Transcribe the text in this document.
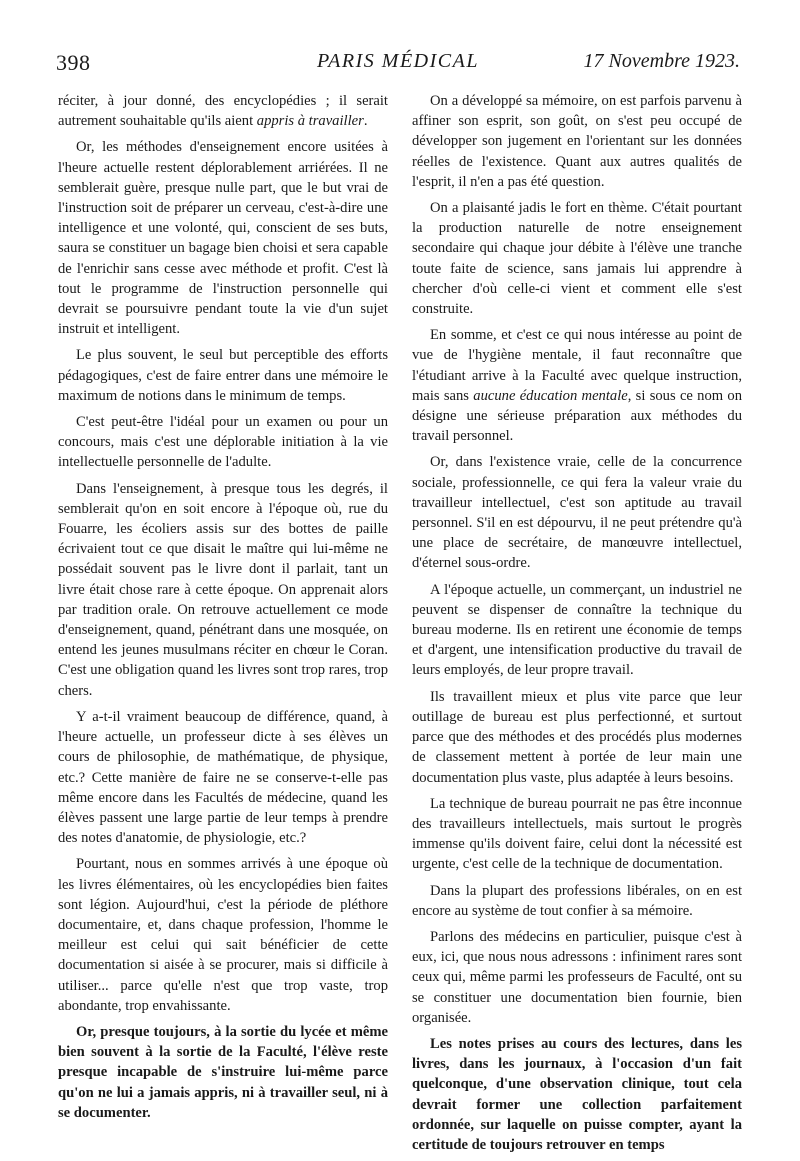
398	PARIS MÉDICAL	17 Novembre 1923.

réciter, à jour donné, des encyclopédies ; il serait autrement souhaitable qu'ils aient appris à travailler.

Or, les méthodes d'enseignement encore usitées à l'heure actuelle restent déplorablement arriérées. Il ne semblerait guère, presque nulle part, que le but vrai de l'instruction soit de préparer un cerveau, c'est-à-dire une intelligence et une volonté, qui, conscient de ses buts, saura se constituer un bagage bien choisi et sera capable de l'enrichir sans cesse avec méthode et profit. C'est là tout le programme de l'instruction personnelle qui devrait se poursuivre pendant toute la vie d'un sujet instruit et intelligent.

Le plus souvent, le seul but perceptible des efforts pédagogiques, c'est de faire entrer dans une mémoire le maximum de notions dans le minimum de temps.

C'est peut-être l'idéal pour un examen ou pour un concours, mais c'est une déplorable initiation à la vie intellectuelle personnelle de l'adulte.

Dans l'enseignement, à presque tous les degrés, il semblerait qu'on en soit encore à l'époque où, rue du Fouarre, les écoliers assis sur des bottes de paille écrivaient tout ce que disait le maître qui lui-même ne possédait souvent pas le livre dont il parlait, tant un livre était chose rare à cette époque. On apprenait alors par tradition orale. On retrouve actuellement ce mode d'enseignement, quand, pénétrant dans une mosquée, on entend les jeunes musulmans réciter en chœur le Coran. C'est une obligation quand les livres sont trop rares, trop chers.

Y a-t-il vraiment beaucoup de différence, quand, à l'heure actuelle, un professeur dicte à ses élèves un cours de philosophie, de mathématique, de physique, etc.? Cette manière de faire ne se conserve-t-elle pas même encore dans les Facultés de médecine, quand les élèves passent une large partie de leur temps à prendre des notes d'anatomie, de physiologie, etc.?

Pourtant, nous en sommes arrivés à une époque où les livres élémentaires, où les encyclopédies bien faites sont légion. Aujourd'hui, c'est la période de pléthore documentaire, et, dans chaque profession, l'homme le meilleur est celui qui sait bénéficier de cette documentation si aisée à se procurer, mais si difficile à utiliser... parce qu'elle n'est que trop vaste, trop abondante, trop envahissante.

Or, presque toujours, à la sortie du lycée et même bien souvent à la sortie de la Faculté, l'élève reste presque incapable de s'instruire lui-même parce qu'on ne lui a jamais appris, ni à travailler seul, ni à se documenter.

On a développé sa mémoire, on est parfois parvenu à affiner son esprit, son goût, on s'est peu occupé de développer son jugement en l'orientant sur les données réelles de l'existence. Quant aux autres qualités de l'esprit, il n'en a pas été question.

On a plaisanté jadis le fort en thème. C'était pourtant la production naturelle de notre enseignement secondaire qui chaque jour débite à l'élève une tranche toute faite de science, sans jamais lui apprendre à chercher d'où celle-ci vient et comment elle s'est construite.

En somme, et c'est ce qui nous intéresse au point de vue de l'hygiène mentale, il faut reconnaître que l'étudiant arrive à la Faculté avec quelque instruction, mais sans aucune éducation mentale, si sous ce nom on désigne une sérieuse préparation aux méthodes du travail personnel.

Or, dans l'existence vraie, celle de la concurrence sociale, professionnelle, ce qui fera la valeur vraie du travailleur intellectuel, c'est son aptitude au travail personnel. S'il en est dépourvu, il ne peut prétendre qu'à une place de secrétaire, de manœuvre intellectuel, d'éternel sous-ordre.

A l'époque actuelle, un commerçant, un industriel ne peuvent se dispenser de connaître la technique du bureau moderne. Ils en retirent une économie de temps et d'argent, une intensification productive du travail de leurs employés, de leur propre travail.

Ils travaillent mieux et plus vite parce que leur outillage de bureau est plus perfectionné, et surtout parce que des méthodes et des procédés plus modernes de classement mettent à portée de leur main une documentation plus vaste, plus adaptée à leurs besoins.

La technique de bureau pourrait ne pas être inconnue des travailleurs intellectuels, mais surtout le progrès immense qu'ils doivent faire, celui dont la nécessité est urgente, c'est celle de la technique de documentation.

Dans la plupart des professions libérales, on en est encore au système de tout confier à sa mémoire.

Parlons des médecins en particulier, puisque c'est à eux, ici, que nous nous adressons : infiniment rares sont ceux qui, même parmi les professeurs de Faculté, ont su se constituer une documentation bien fournie, bien organisée.

Les notes prises au cours des lectures, dans les livres, dans les journaux, à l'occasion d'un fait quelconque, d'une observation clinique, tout cela devrait former une collection parfaitement ordonnée, sur laquelle on puisse compter, ayant la certitude de toujours retrouver en temps
